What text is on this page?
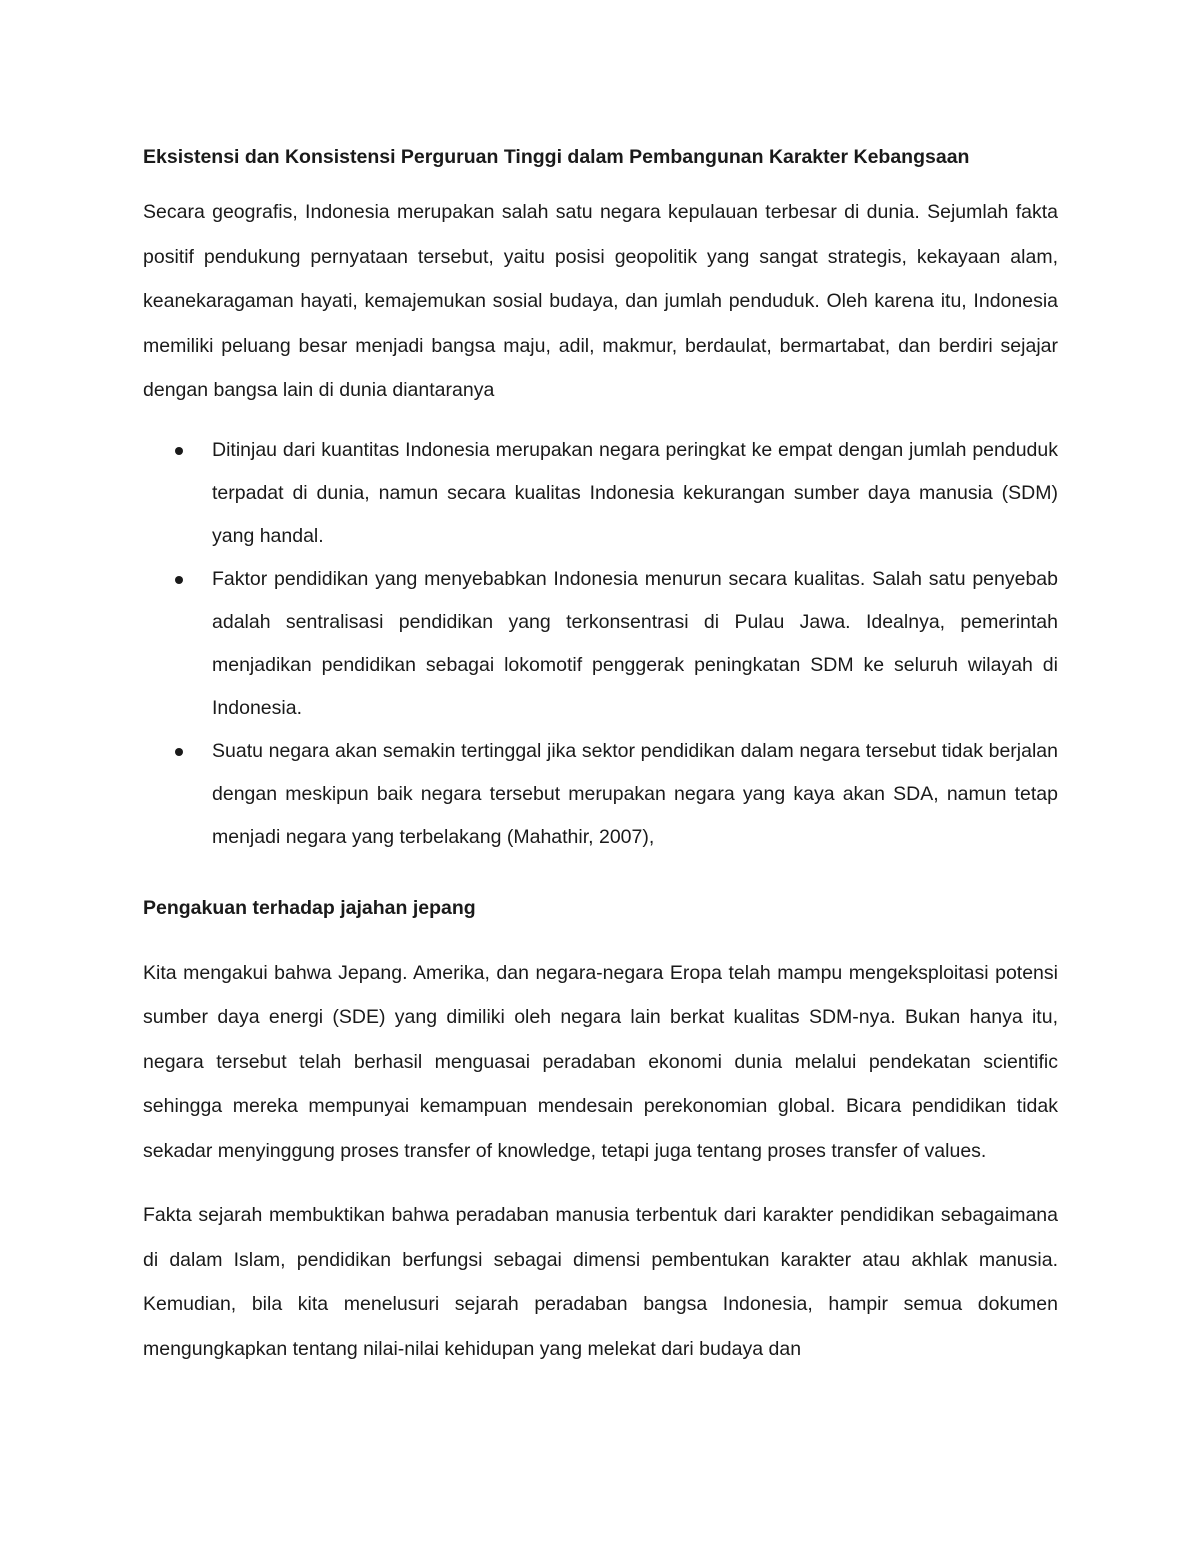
Eksistensi dan Konsistensi Perguruan Tinggi dalam Pembangunan Karakter Kebangsaan

Secara geografis, Indonesia merupakan salah satu negara kepulauan terbesar di dunia. Sejumlah fakta positif pendukung pernyataan tersebut, yaitu posisi geopolitik yang sangat strategis, kekayaan alam, keanekaragaman hayati, kemajemukan sosial budaya, dan jumlah penduduk. Oleh karena itu, Indonesia memiliki peluang besar menjadi bangsa maju, adil, makmur, berdaulat, bermartabat, dan berdiri sejajar dengan bangsa lain di dunia diantaranya

Ditinjau dari kuantitas Indonesia merupakan negara peringkat ke empat dengan jumlah penduduk terpadat di dunia, namun secara kualitas Indonesia kekurangan sumber daya manusia (SDM) yang handal.
Faktor pendidikan yang menyebabkan Indonesia menurun secara kualitas. Salah satu penyebab adalah sentralisasi pendidikan yang terkonsentrasi di Pulau Jawa. Idealnya, pemerintah menjadikan pendidikan sebagai lokomotif penggerak peningkatan SDM ke seluruh wilayah di Indonesia.
Suatu negara akan semakin tertinggal jika sektor pendidikan dalam negara tersebut tidak berjalan dengan meskipun baik negara tersebut merupakan negara yang kaya akan SDA, namun tetap menjadi negara yang terbelakang (Mahathir, 2007),

Pengakuan terhadap jajahan jepang

Kita mengakui bahwa Jepang. Amerika, dan negara-negara Eropa telah mampu mengeksploitasi potensi sumber daya energi (SDE) yang dimiliki oleh negara lain berkat kualitas SDM-nya. Bukan hanya itu, negara tersebut telah berhasil menguasai peradaban ekonomi dunia melalui pendekatan scientific sehingga mereka mempunyai kemampuan mendesain perekonomian global. Bicara pendidikan tidak sekadar menyinggung proses transfer of knowledge, tetapi juga tentang proses transfer of values.

Fakta sejarah membuktikan bahwa peradaban manusia terbentuk dari karakter pendidikan sebagaimana di dalam Islam, pendidikan berfungsi sebagai dimensi pembentukan karakter atau akhlak manusia. Kemudian, bila kita menelusuri sejarah peradaban bangsa Indonesia, hampir semua dokumen mengungkapkan tentang nilai-nilai kehidupan yang melekat dari budaya dan
